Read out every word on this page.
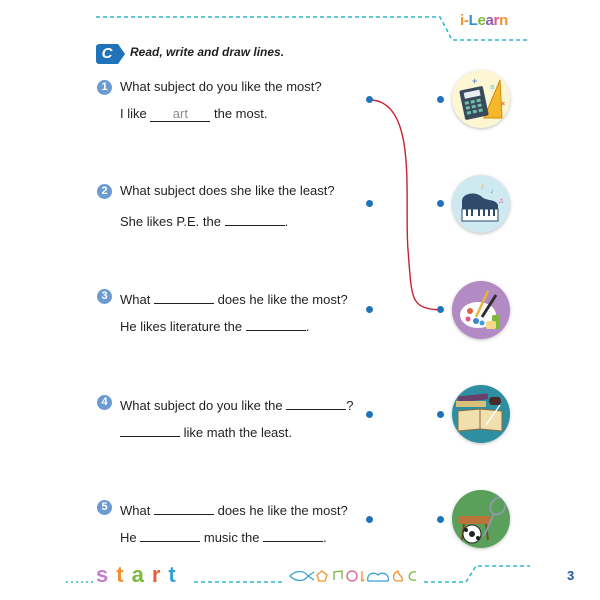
i-Learn
C	Read, write and draw lines.
1 What subject do you like the most?
I like art the most.
2 What subject does she like the least?
She likes P.E. the	.
3 What	does he like the most?
He likes literature the	.
4 What subject do you like the	?
like math the least.
5 What	does he like the most?
He	music the	.
+
=
×
♪ ♩
♫
start	3
